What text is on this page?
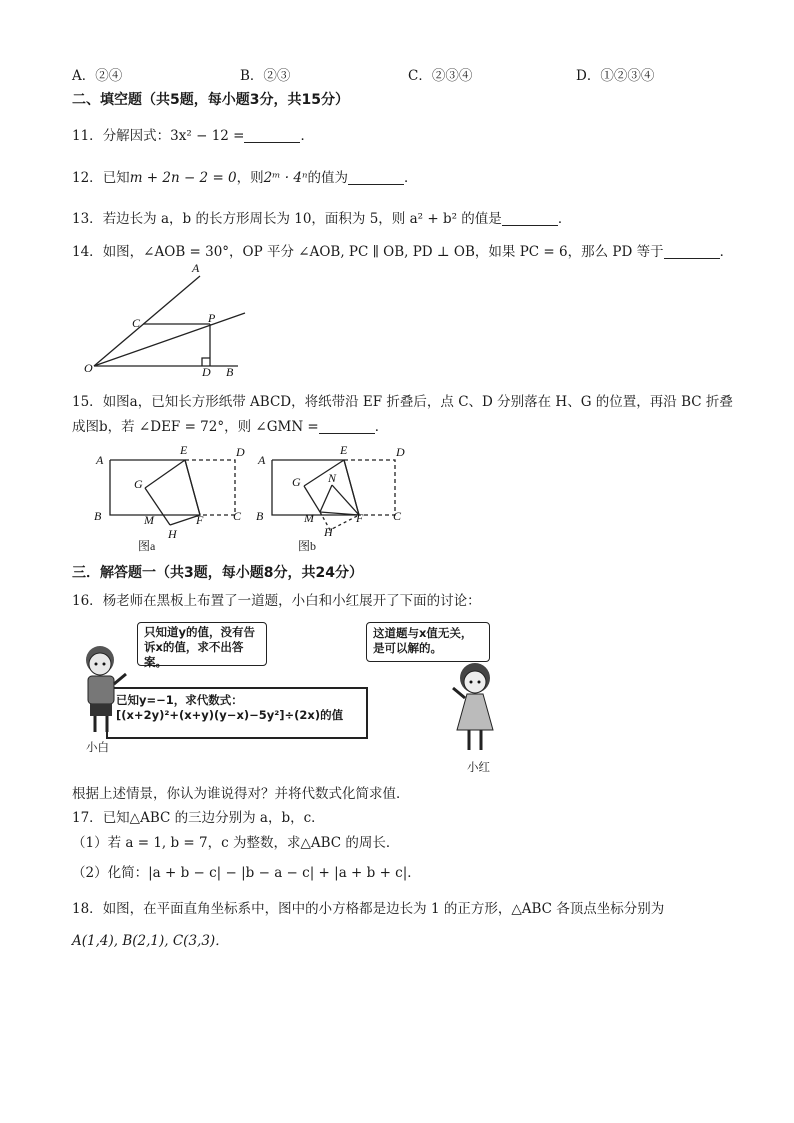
A．②④	B．②③	C．②③④	D．①②③④
二、填空题（共5题，每小题3分，共15分）
11．分解因式：3x² − 12 =	．
12．已知m + 2n − 2 = 0，则2ᵐ · 4ⁿ的值为	．
13．若边长为 a，b 的长方形周长为 10，面积为 5，则 a² + b² 的值是	．
14．如图，∠AOB = 30°，OP 平分 ∠AOB, PC ∥ OB, PD ⊥ OB，如果 PC = 6，那么 PD 等于	．
A
C	P
O	D B
15．如图a，已知长方形纸带 ABCD，将纸带沿 EF 折叠后，点 C、D 分别落在 H、G 的位置，再沿 BC 折叠
成图b，若 ∠DEF = 72°，则 ∠GMN =	．
A
E	D
G
B	M	F C
H
图a
A
E	D
G N
B	M	F C
H
图b
三．解答题一（共3题，每小题8分，共24分）
16．杨老师在黑板上布置了一道题，小白和小红展开了下面的讨论：
只知道y的值，没有告诉x的值，求不出答案。
这道题与x值无关，是可以解的。
已知y=−1，求代数式：
[(x+2y)²+(x+y)(y−x)−5y²]÷(2x)的值
小白
小红
根据上述情景，你认为谁说得对？并将代数式化简求值．
17．已知△ABC 的三边分别为 a，b，c．
（1）若 a = 1, b = 7，c 为整数，求△ABC 的周长．
（2）化简：|a + b − c| − |b − a − c| + |a + b + c|．
18．如图，在平面直角坐标系中，图中的小方格都是边长为 1 的正方形，△ABC 各顶点坐标分别为
A(1,4), B(2,1), C(3,3)．
